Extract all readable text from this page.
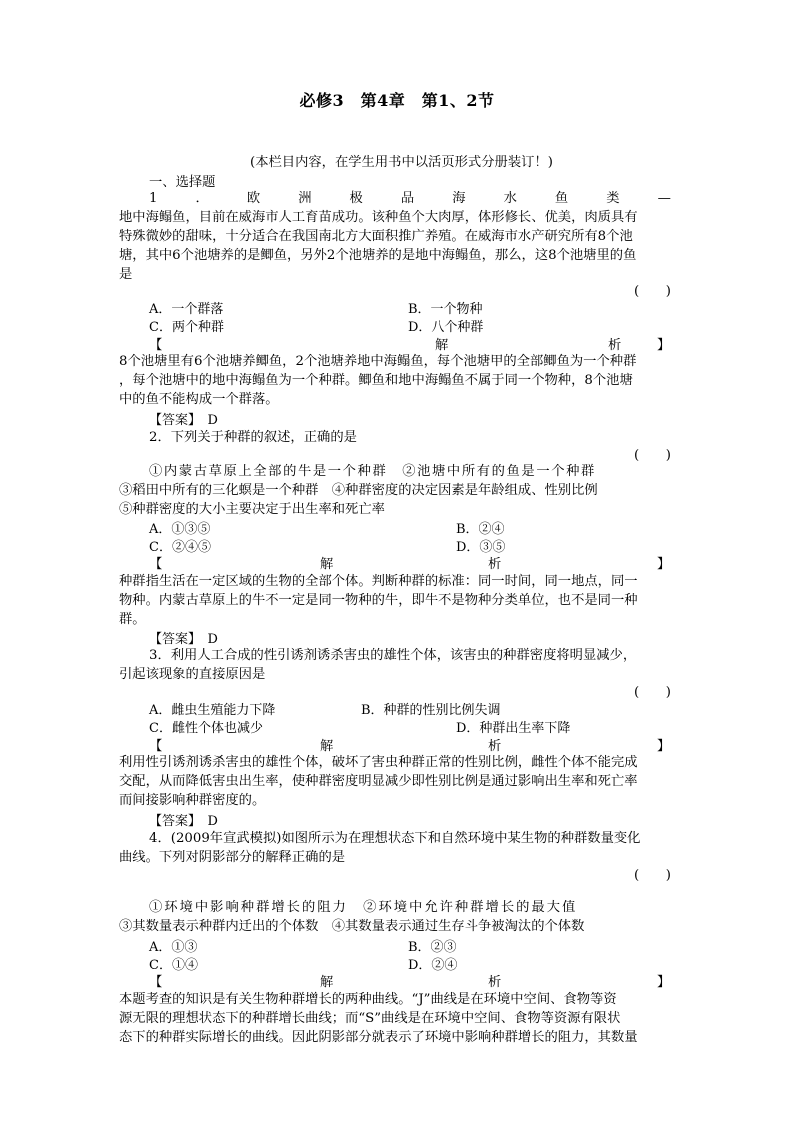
必修3　第4章　第1、2节
(本栏目内容，在学生用书中以活页形式分册装订！)
一、选择题
1	．	欧	洲	极	品	海	水	鱼	类	—
地中海鳎鱼，目前在威海市人工育苗成功。该种鱼个大肉厚，体形修长、优美，肉质具有
特殊微妙的甜味，十分适合在我国南北方大面积推广养殖。在威海市水产研究所有8个池
塘，其中6个池塘养的是鲫鱼，另外2个池塘养的是地中海鳎鱼，那么，这8个池塘里的鱼
是
(　　)
A．一个群落	B．一个物种
C．两个种群	D．八个种群
【	解	析	】
8个池塘里有6个池塘养鲫鱼，2个池塘养地中海鳎鱼，每个池塘甲的全部鲫鱼为一个种群
，每个池塘中的地中海鳎鱼为一个种群。鲫鱼和地中海鳎鱼不属于同一个物种，8个池塘
中的鱼不能构成一个群落。
【答案】　 D
2．下列关于种群的叙述，正确的是
(　　)
①内蒙古草原上全部的牛是一个种群　②池塘中所有的鱼是一个种群
③稻田中所有的三化螟是一个种群　④种群密度的决定因素是年龄组成、性别比例
⑤种群密度的大小主要决定于出生率和死亡率
A．①③⑤	B．②④
C．②④⑤	D．③⑤
【	解	析	】
种群指生活在一定区域的生物的全部个体。判断种群的标准：同一时间，同一地点，同一
物种。内蒙古草原上的牛不一定是同一物种的牛，即牛不是物种分类单位，也不是同一种
群。
【答案】　 D
3．利用人工合成的性引诱剂诱杀害虫的雄性个体，该害虫的种群密度将明显减少，
引起该现象的直接原因是
(　　)
A．雌虫生殖能力下降	B．种群的性别比例失调
C．雌性个体也减少	D．种群出生率下降
【	解	析	】
利用性引诱剂诱杀害虫的雄性个体，破坏了害虫种群正常的性别比例，雌性个体不能完成
交配，从而降低害虫出生率，使种群密度明显减少即性别比例是通过影响出生率和死亡率
而间接影响种群密度的。
【答案】　 D
4．(2009年宣武模拟)如图所示为在理想状态下和自然环境中某生物的种群数量变化
曲线。下列对阴影部分的解释正确的是
(　　)
①环境中影响种群增长的阻力　②环境中允许种群增长的最大值
③其数量表示种群内迁出的个体数　④其数量表示通过生存斗争被淘汰的个体数
A．①③	B．②③
C．①④	D．②④
【	解	析	】
本题考查的知识是有关生物种群增长的两种曲线。“J”曲线是在环境中空间、食物等资
源无限的理想状态下的种群增长曲线；而“S”曲线是在环境中空间、食物等资源有限状
态下的种群实际增长的曲线。因此阴影部分就表示了环境中影响种群增长的阻力，其数量
